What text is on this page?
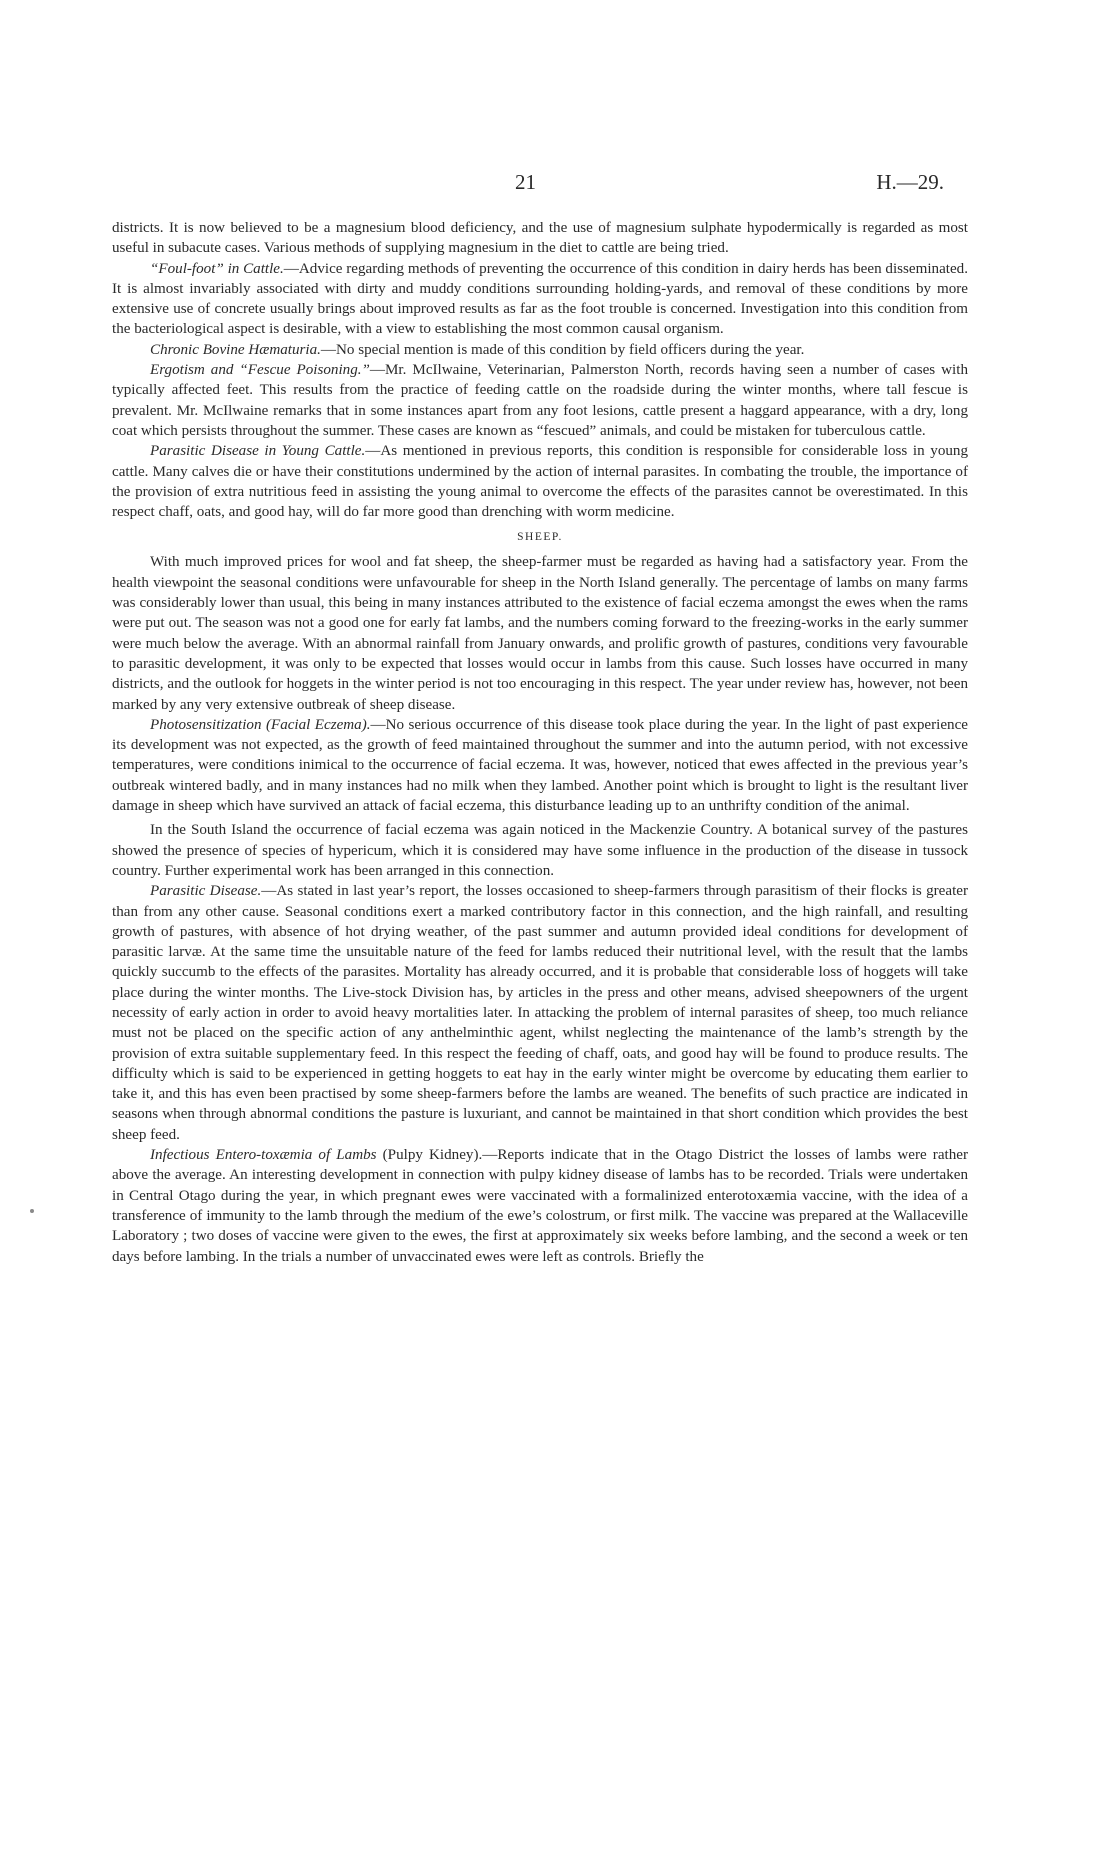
21	H.—29.

districts. It is now believed to be a magnesium blood deficiency, and the use of magnesium sulphate hypodermically is regarded as most useful in subacute cases. Various methods of supplying magnesium in the diet to cattle are being tried.

“Foul-foot” in Cattle.—Advice regarding methods of preventing the occurrence of this condition in dairy herds has been disseminated. It is almost invariably associated with dirty and muddy conditions surrounding holding-yards, and removal of these conditions by more extensive use of concrete usually brings about improved results as far as the foot trouble is concerned. Investigation into this condition from the bacteriological aspect is desirable, with a view to establishing the most common causal organism.

Chronic Bovine Hæmaturia.—No special mention is made of this condition by field officers during the year.

Ergotism and “Fescue Poisoning.”—Mr. McIlwaine, Veterinarian, Palmerston North, records having seen a number of cases with typically affected feet. This results from the practice of feeding cattle on the roadside during the winter months, where tall fescue is prevalent. Mr. McIlwaine remarks that in some instances apart from any foot lesions, cattle present a haggard appearance, with a dry, long coat which persists throughout the summer. These cases are known as “fescued” animals, and could be mistaken for tuberculous cattle.

Parasitic Disease in Young Cattle.—As mentioned in previous reports, this condition is responsible for considerable loss in young cattle. Many calves die or have their constitutions undermined by the action of internal parasites. In combating the trouble, the importance of the provision of extra nutritious feed in assisting the young animal to overcome the effects of the parasites cannot be overestimated. In this respect chaff, oats, and good hay, will do far more good than drenching with worm medicine.

SHEEP.

With much improved prices for wool and fat sheep, the sheep-farmer must be regarded as having had a satisfactory year. From the health viewpoint the seasonal conditions were unfavourable for sheep in the North Island generally. The percentage of lambs on many farms was considerably lower than usual, this being in many instances attributed to the existence of facial eczema amongst the ewes when the rams were put out. The season was not a good one for early fat lambs, and the numbers coming forward to the freezing-works in the early summer were much below the average. With an abnormal rainfall from January onwards, and prolific growth of pastures, conditions very favourable to parasitic development, it was only to be expected that losses would occur in lambs from this cause. Such losses have occurred in many districts, and the outlook for hoggets in the winter period is not too encouraging in this respect. The year under review has, however, not been marked by any very extensive outbreak of sheep disease.

Photosensitization (Facial Eczema).—No serious occurrence of this disease took place during the year. In the light of past experience its development was not expected, as the growth of feed maintained throughout the summer and into the autumn period, with not excessive temperatures, were conditions inimical to the occurrence of facial eczema. It was, however, noticed that ewes affected in the previous year’s outbreak wintered badly, and in many instances had no milk when they lambed. Another point which is brought to light is the resultant liver damage in sheep which have survived an attack of facial eczema, this disturbance leading up to an unthrifty condition of the animal.

In the South Island the occurrence of facial eczema was again noticed in the Mackenzie Country. A botanical survey of the pastures showed the presence of species of hypericum, which it is considered may have some influence in the production of the disease in tussock country. Further experimental work has been arranged in this connection.

Parasitic Disease.—As stated in last year’s report, the losses occasioned to sheep-farmers through parasitism of their flocks is greater than from any other cause. Seasonal conditions exert a marked contributory factor in this connection, and the high rainfall, and resulting growth of pastures, with absence of hot drying weather, of the past summer and autumn provided ideal conditions for development of parasitic larvæ. At the same time the unsuitable nature of the feed for lambs reduced their nutritional level, with the result that the lambs quickly succumb to the effects of the parasites. Mortality has already occurred, and it is probable that considerable loss of hoggets will take place during the winter months. The Live-stock Division has, by articles in the press and other means, advised sheepowners of the urgent necessity of early action in order to avoid heavy mortalities later. In attacking the problem of internal parasites of sheep, too much reliance must not be placed on the specific action of any anthelminthic agent, whilst neglecting the maintenance of the lamb’s strength by the provision of extra suitable supplementary feed. In this respect the feeding of chaff, oats, and good hay will be found to produce results. The difficulty which is said to be experienced in getting hoggets to eat hay in the early winter might be overcome by educating them earlier to take it, and this has even been practised by some sheep-farmers before the lambs are weaned. The benefits of such practice are indicated in seasons when through abnormal conditions the pasture is luxuriant, and cannot be maintained in that short condition which provides the best sheep feed.

Infectious Entero-toxæmia of Lambs (Pulpy Kidney).—Reports indicate that in the Otago District the losses of lambs were rather above the average. An interesting development in connection with pulpy kidney disease of lambs has to be recorded. Trials were undertaken in Central Otago during the year, in which pregnant ewes were vaccinated with a formalinized enterotoxæmia vaccine, with the idea of a transference of immunity to the lamb through the medium of the ewe’s colostrum, or first milk. The vaccine was prepared at the Wallaceville Laboratory ; two doses of vaccine were given to the ewes, the first at approximately six weeks before lambing, and the second a week or ten days before lambing. In the trials a number of unvaccinated ewes were left as controls. Briefly the
